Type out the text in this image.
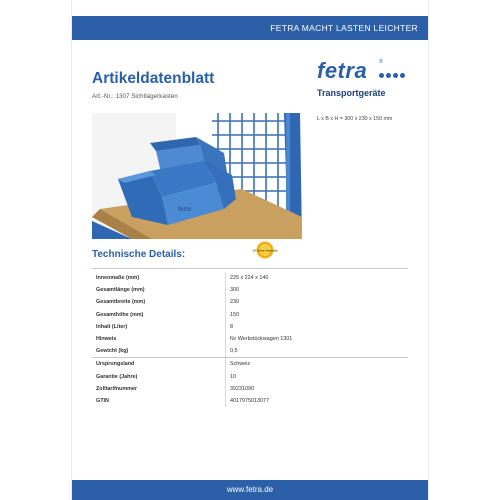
FETRA MACHT LASTEN LEICHTER
Artikeldatenblatt
Art.-Nr.: 1307 Sichtlagerkasten
fetra ®
Transportgeräte
fetra
L x B x H = 300 x 230 x 150 mm
Technische Details:	10 Jahre Garantie
Innenmaße (mm)	225 x 224 x 140
Gesamtlänge (mm)	300
Gesamtbreite (mm)	230
Gesamthöhe (mm)	150
Inhalt (Liter)	8
Hinweis	für Werkstückwagen 1301
Gewicht (kg)	0,5
Ursprungsland	Schweiz
Garantie (Jahre)	10
Zolltarifnummer	39231090
GTIN	4017975013077
www.fetra.de
